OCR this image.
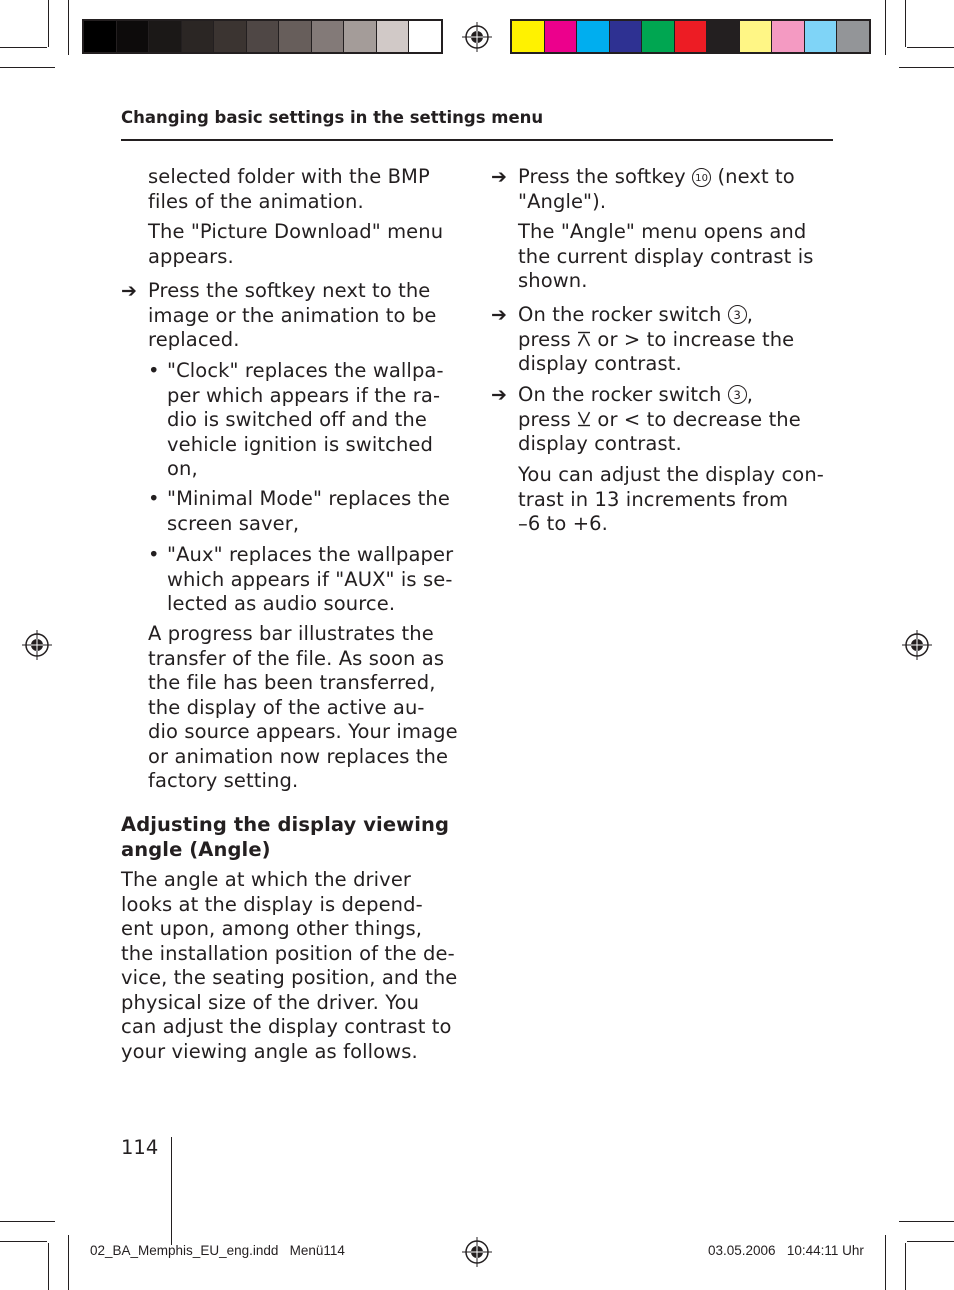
Changing basic settings in the settings menu

selected folder with the BMP

files of the animation.

The "Picture Download" menu

appears.

➔ Press the softkey next to the

image or the animation to be

replaced.

• "Clock" replaces the wallpa-

per which appears if the ra-

dio is switched off and the

vehicle ignition is switched

on,

• "Minimal Mode" replaces the

screen saver,

• "Aux" replaces the wallpaper

which appears if "AUX" is se-

lected as audio source.

A progress bar illustrates the

transfer of the file. As soon as

the file has been transferred,

the display of the active au-

dio source appears. Your image

or animation now replaces the

factory setting.

Adjusting the display viewing

angle (Angle)

The angle at which the driver

looks at the display is depend-

ent upon, among other things,

the installation position of the de-

vice, the seating position, and the

physical size of the driver. You

can adjust the display contrast to

your viewing angle as follows.

➔ Press the softkey 10 (next to

"Angle").

The "Angle" menu opens and

the current display contrast is

shown.

➔ On the rocker switch 3 ,

press or > to increase the

display contrast.

➔ On the rocker switch 3 ,

press or < to decrease the

display contrast.

You can adjust the display con-

trast in 13 increments from

–6 to +6.

114
02_BA_Memphis_EU_eng.indd   Menü114	03.05.2006   10:44:11 Uhr
